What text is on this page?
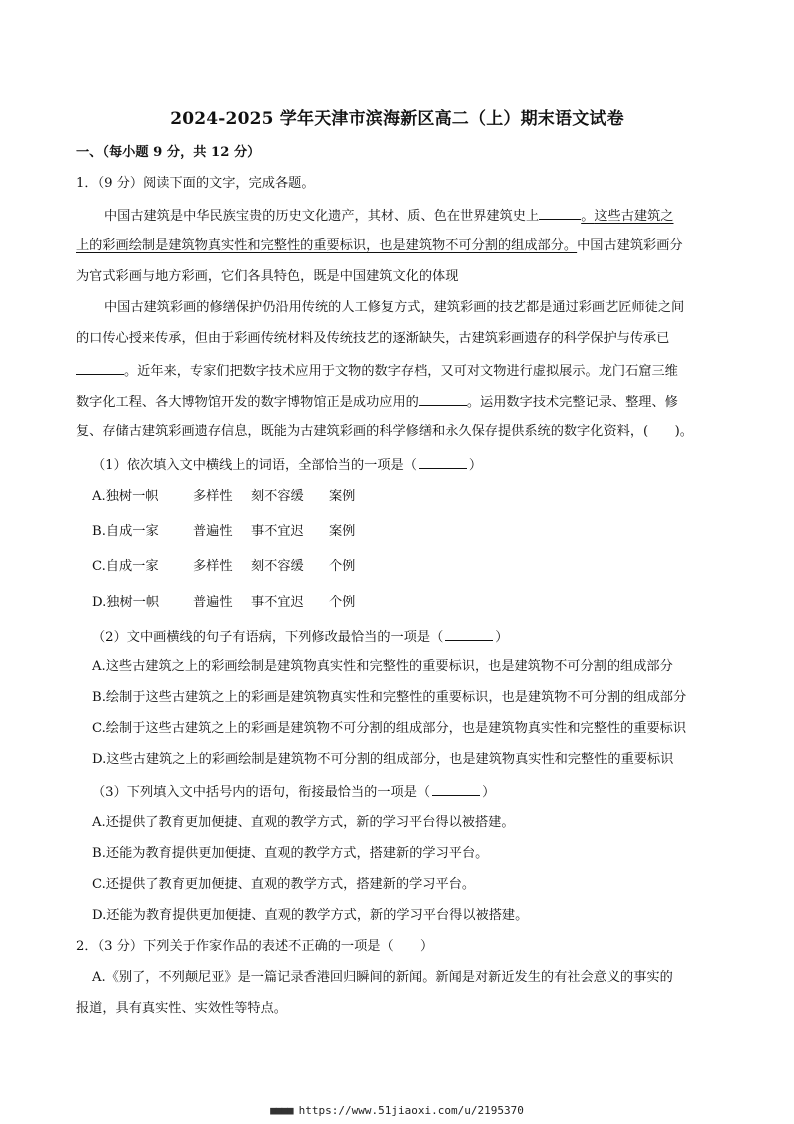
2024-2025 学年天津市滨海新区高二（上）期末语文试卷
一、（每小题 9 分，共 12 分）
1．（9 分）阅读下面的文字，完成各题。
中国古建筑是中华民族宝贵的历史文化遗产，其材、质、色在世界建筑史上	。这些古建筑之
上的彩画绘制是建筑物真实性和完整性的重要标识，也是建筑物不可分割的组成部分。中国古建筑彩画分
为官式彩画与地方彩画，它们各具特色，既是中国建筑文化的体现
中国古建筑彩画的修缮保护仍沿用传统的人工修复方式，建筑彩画的技艺都是通过彩画艺匠师徒之间
的口传心授来传承，但由于彩画传统材料及传统技艺的逐渐缺失，古建筑彩画遗存的科学保护与传承已
。近年来，专家们把数字技术应用于文物的数字存档，又可对文物进行虚拟展示。龙门石窟三维
数字化工程、各大博物馆开发的数字博物馆正是成功应用的	。运用数字技术完整记录、整理、修
复、存储古建筑彩画遗存信息，既能为古建筑彩画的科学修缮和永久保存提供系统的数字化资料，(　　)。
（1）依次填入文中横线上的词语，全部恰当的一项是（	）
A.独树一帜	多样性 刻不容缓 案例
B.自成一家	普遍性 事不宜迟 案例
C.自成一家	多样性 刻不容缓 个例
D.独树一帜	普遍性 事不宜迟 个例
（2）文中画横线的句子有语病，下列修改最恰当的一项是（	）
A.这些古建筑之上的彩画绘制是建筑物真实性和完整性的重要标识，也是建筑物不可分割的组成部分
B.绘制于这些古建筑之上的彩画是建筑物真实性和完整性的重要标识，也是建筑物不可分割的组成部分
C.绘制于这些古建筑之上的彩画是建筑物不可分割的组成部分，也是建筑物真实性和完整性的重要标识
D.这些古建筑之上的彩画绘制是建筑物不可分割的组成部分，也是建筑物真实性和完整性的重要标识
（3）下列填入文中括号内的语句，衔接最恰当的一项是（	）
A.还提供了教育更加便捷、直观的教学方式，新的学习平台得以被搭建。
B.还能为教育提供更加便捷、直观的教学方式，搭建新的学习平台。
C.还提供了教育更加便捷、直观的教学方式，搭建新的学习平台。
D.还能为教育提供更加便捷、直观的教学方式，新的学习平台得以被搭建。
2．（3 分）下列关于作家作品的表述不正确的一项是（　　）
A.《别了，不列颠尼亚》是一篇记录香港回归瞬间的新闻。新闻是对新近发生的有社会意义的事实的
报道，具有真实性、实效性等特点。
■■■■ https://www.51jiaoxi.com/u/2195370
